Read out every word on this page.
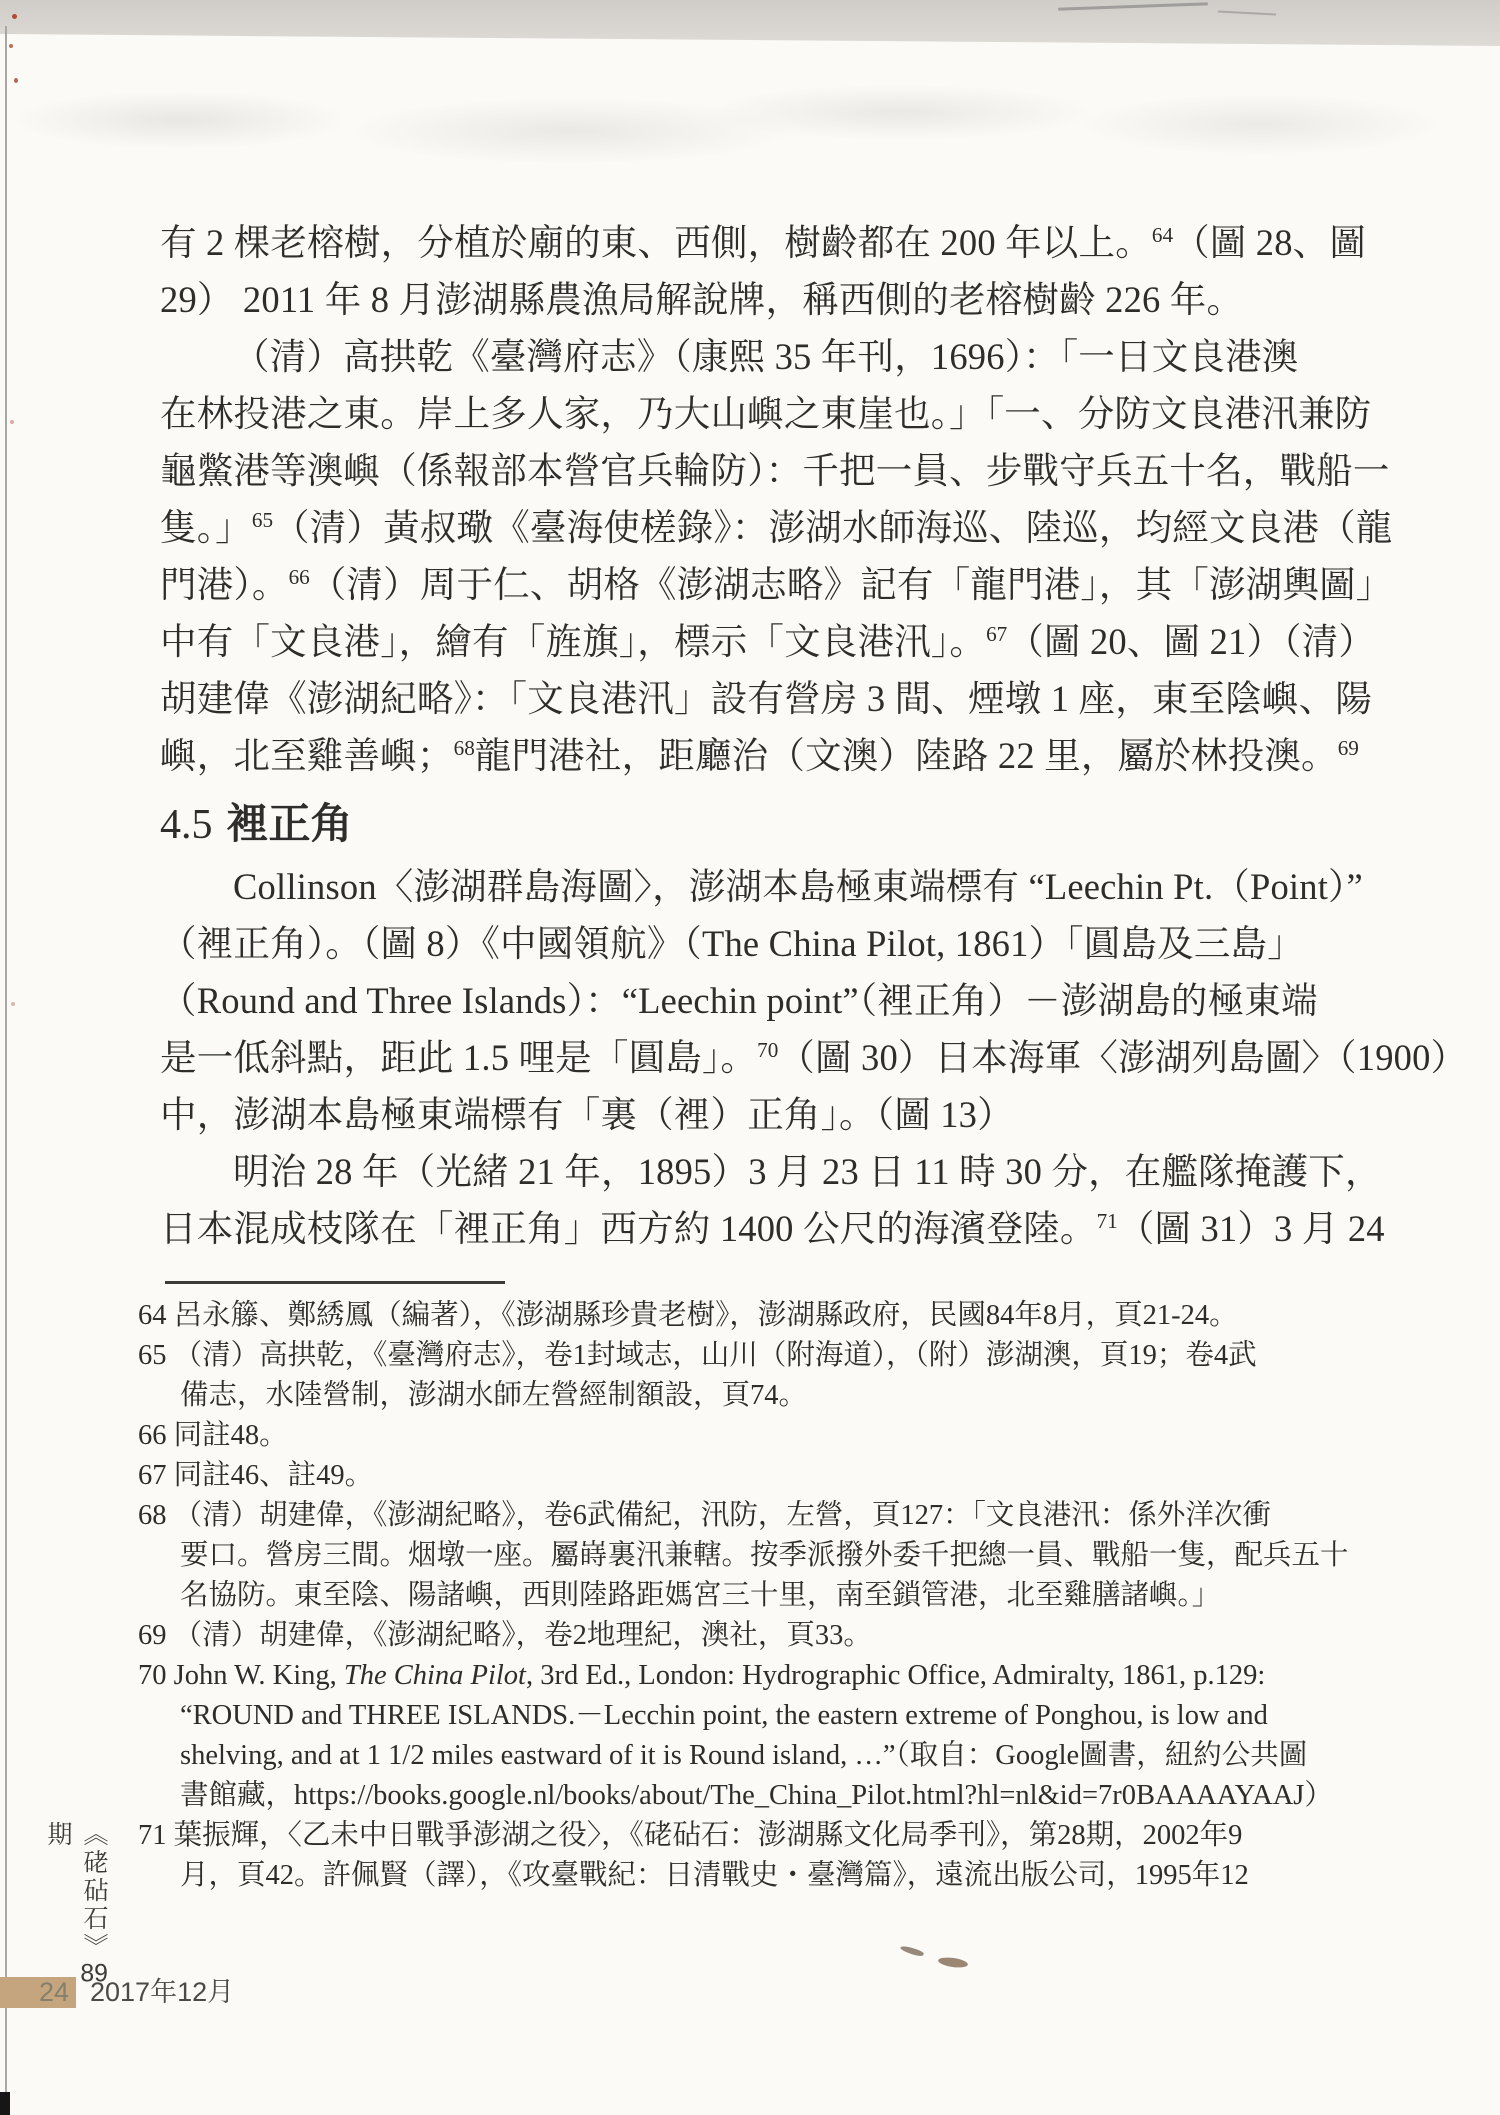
有 2 棵老榕樹，分植於廟的東、西側，樹齡都在 200 年以上。$^{64}$（圖 28、圖
29） 2011 年 8 月澎湖縣農漁局解說牌，稱西側的老榕樹齡 226 年。
（清）高拱乾《臺灣府志》（康熙 35 年刊，1696）：「一日文良港澳
在林投港之東。岸上多人家，乃大山嶼之東崖也。」「一、分防文良港汛兼防
龜鱉港等澳嶼（係報部本營官兵輪防）：千把一員、步戰守兵五十名，戰船一
隻。」$^{65}$（清）黃叔璥《臺海使槎錄》：澎湖水師海巡、陸巡，均經文良港（龍
門港）。$^{66}$（清）周于仁、胡格《澎湖志略》記有「龍門港」，其「澎湖輿圖」
中有「文良港」，繪有「旌旗」，標示「文良港汛」。$^{67}$（圖 20、圖 21）（清）
胡建偉《澎湖紀略》：「文良港汛」設有營房 3 間、煙墩 1 座，東至陰嶼、陽
嶼，北至雞善嶼；$^{68}$龍門港社，距廳治（文澳）陸路 22 里，屬於林投澳。$^{69}$
4.5 裡正角
Collinson〈澎湖群島海圖〉，澎湖本島極東端標有 “Leechin Pt.（Point）”
（裡正角）。（圖 8）《中國領航》（The China Pilot, 1861）「圓島及三島」
（Round and Three Islands）：“Leechin point”（裡正角）－澎湖島的極東端
是一低斜點，距此 1.5 哩是「圓島」。$^{70}$（圖 30）日本海軍〈澎湖列島圖〉（1900）
中，澎湖本島極東端標有「裏（裡）正角」。（圖 13）
明治 28 年（光緒 21 年，1895）3 月 23 日 11 時 30 分，在艦隊掩護下，
日本混成枝隊在「裡正角」西方約 1400 公尺的海濱登陸。$^{71}$（圖 31）3 月 24
64 呂永籐、鄭綉鳳（編著），《澎湖縣珍貴老樹》，澎湖縣政府，民國84年8月，頁21-24。
65 （清）高拱乾，《臺灣府志》，卷1封域志，山川（附海道），（附）澎湖澳，頁19；卷4武
備志，水陸營制，澎湖水師左營經制額設，頁74。
66 同註48。
67 同註46、註49。
68 （清）胡建偉，《澎湖紀略》，卷6武備紀，汛防，左營，頁127：「文良港汛：係外洋次衝
要口。營房三間。烟墩一座。屬嵵裏汛兼轄。按季派撥外委千把總一員、戰船一隻，配兵五十
名協防。東至陰、陽諸嶼，西則陸路距媽宮三十里，南至鎖管港，北至雞膳諸嶼。」
69 （清）胡建偉，《澎湖紀略》，卷2地理紀，澳社，頁33。
70 John W. King, The China Pilot, 3rd Ed., London: Hydrographic Office, Admiralty, 1861, p.129:
“ROUND and THREE ISLANDS.－Lecchin point, the eastern extreme of Ponghou, is low and
shelving, and at 1 1/2 miles eastward of it is Round island, …”（取自：Google圖書，紐約公共圖
書館藏，https://books.google.nl/books/about/The_China_Pilot.html?hl=nl&id=7r0BAAAAYAAJ）
71 葉振輝，〈乙未中日戰爭澎湖之役〉，《硓砧石：澎湖縣文化局季刊》，第28期，2002年9
月，頁42。許佩賢（譯），《攻臺戰紀：日清戰史・臺灣篇》，遠流出版公司，1995年12
︽硓砧石︾89期
24 2017年12月
